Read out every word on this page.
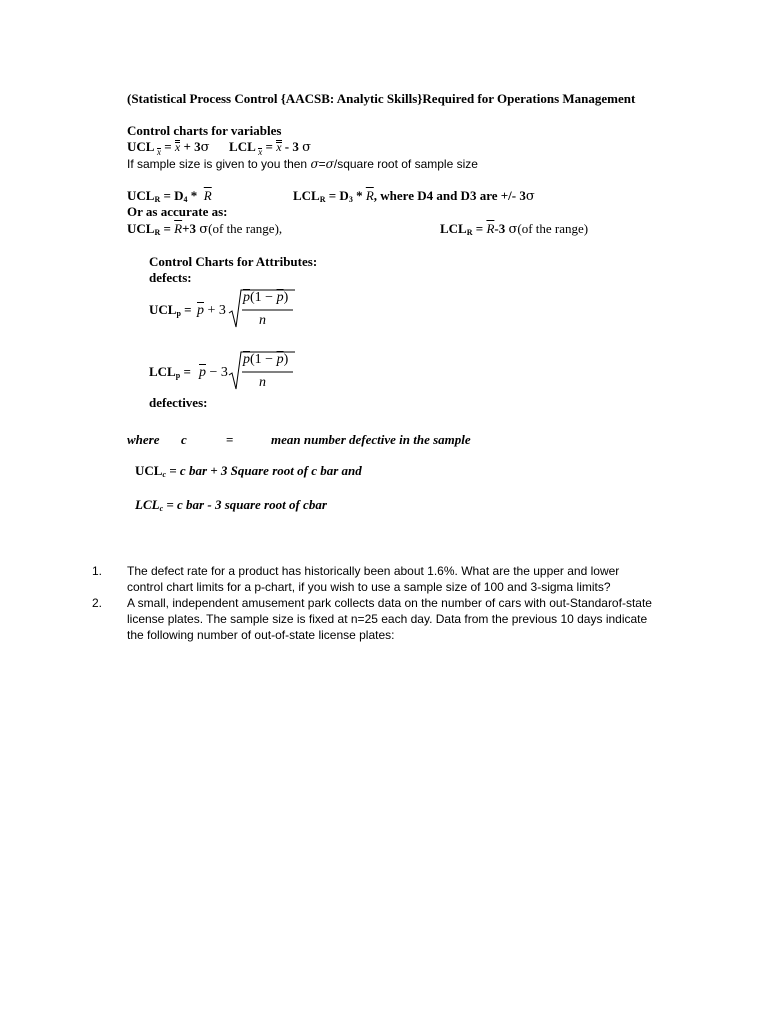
(Statistical Process Control {AACSB: Analytic Skills}Required for Operations Management
Control charts for variables
UCL $_x$ = x + 3σ LCL $_x$ = x - 3 σ
If sample size is given to you then σ=σ/square root of sample size
$UCL_R = D_4 * \overline{R}$	$LCL_R = D_3 * \overline{R}$, where D4 and D3 are +/- 3σ
Or as accurate as:
$UCL_R = \overline{R}+3$ σ(of the range),	$LCL_R = \overline{R}-3$ σ(of the range)
Control Charts for Attributes:
defects:
$UCL_p = \overline{p} + 3$
$\overline{p}(1 - \overline{p})$
n
$LCL_p = \overline{p} - 3$
$\overline{p}(1 - \overline{p})$
n
defectives:
where c	=	mean number defective in the sample
$UCL_c = c$ bar + 3 Square root of c bar and
$LCL_c = c$ bar - 3 square root of cbar
1. The defect rate for a product has historically been about 1.6%. What are the upper and lower
control chart limits for a p-chart, if you wish to use a sample size of 100 and 3-sigma limits?
2. A small, independent amusement park collects data on the number of cars with out-Standarof-state
license plates. The sample size is fixed at n=25 each day. Data from the previous 10 days indicate
the following number of out-of-state license plates:
